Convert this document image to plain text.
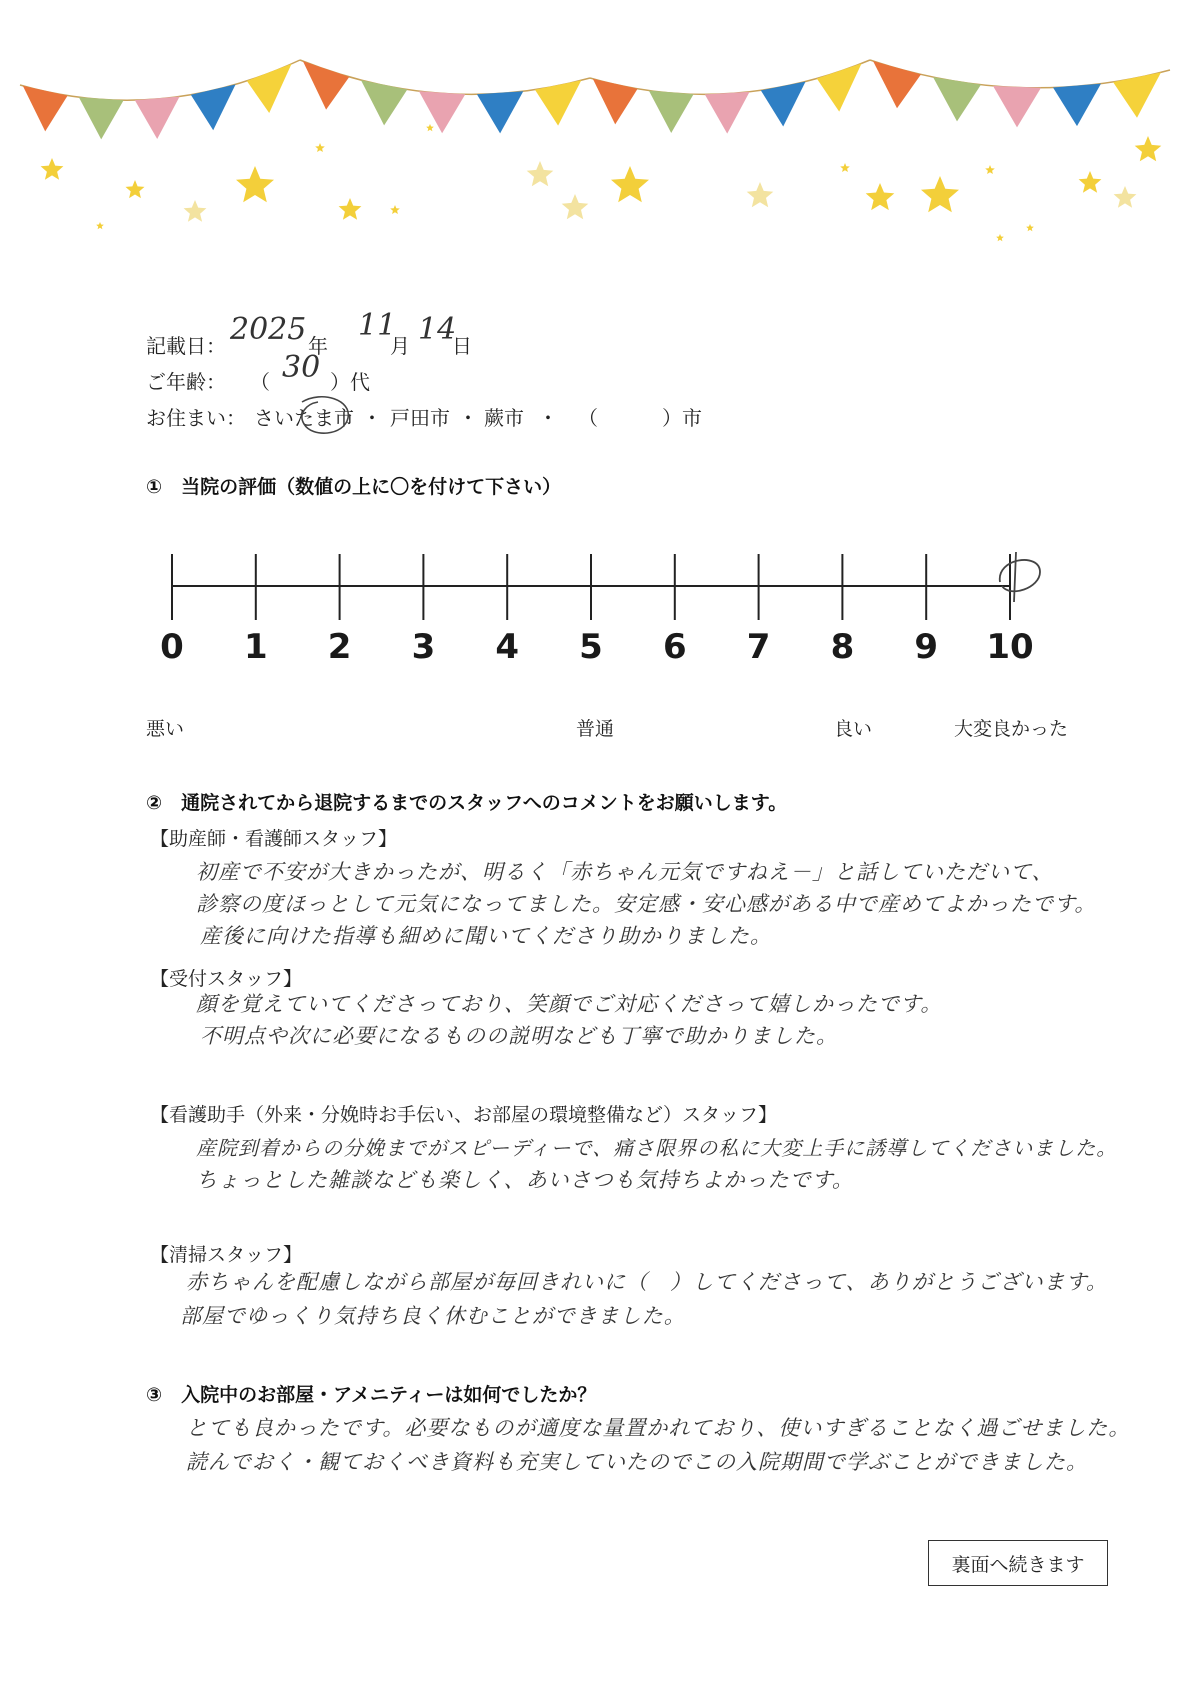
記載日： 2025 年
11
月 14
日
ご年齢： （ 30 ）代
お住まい： さいたま市 ・ 戸田市 ・ 蕨市 ・ （	）市
①　当院の評価（数値の上に〇を付けて下さい）
0 1 2 3 4 5 6 7 8 9 10
悪い	普通	良い	大変良かった
②　通院されてから退院するまでのスタッフへのコメントをお願いします。
【助産師・看護師スタッフ】
初産で不安が大きかったが、明るく「赤ちゃん元気ですねえ－」と話していただいて、
診察の度ほっとして元気になってました。安定感・安心感がある中で産めてよかったです。
産後に向けた指導も細めに聞いてくださり助かりました。
【受付スタッフ】
顔を覚えていてくださっており、笑顔でご対応くださって嬉しかったです。
不明点や次に必要になるものの説明なども丁寧で助かりました。
【看護助手（外来・分娩時お手伝い、お部屋の環境整備など）スタッフ】
産院到着からの分娩までがスピーディーで、痛さ限界の私に大変上手に誘導してくださいました。
ちょっとした雑談なども楽しく、あいさつも気持ちよかったです。
【清掃スタッフ】
赤ちゃんを配慮しながら部屋が毎回きれいに（　）してくださって、ありがとうございます。
部屋でゆっくり気持ち良く休むことができました。
③　入院中のお部屋・アメニティーは如何でしたか？
とても良かったです。必要なものが適度な量置かれており、使いすぎることなく過ごせました。
読んでおく・観ておくべき資料も充実していたのでこの入院期間で学ぶことができました。
裏面へ続きます
